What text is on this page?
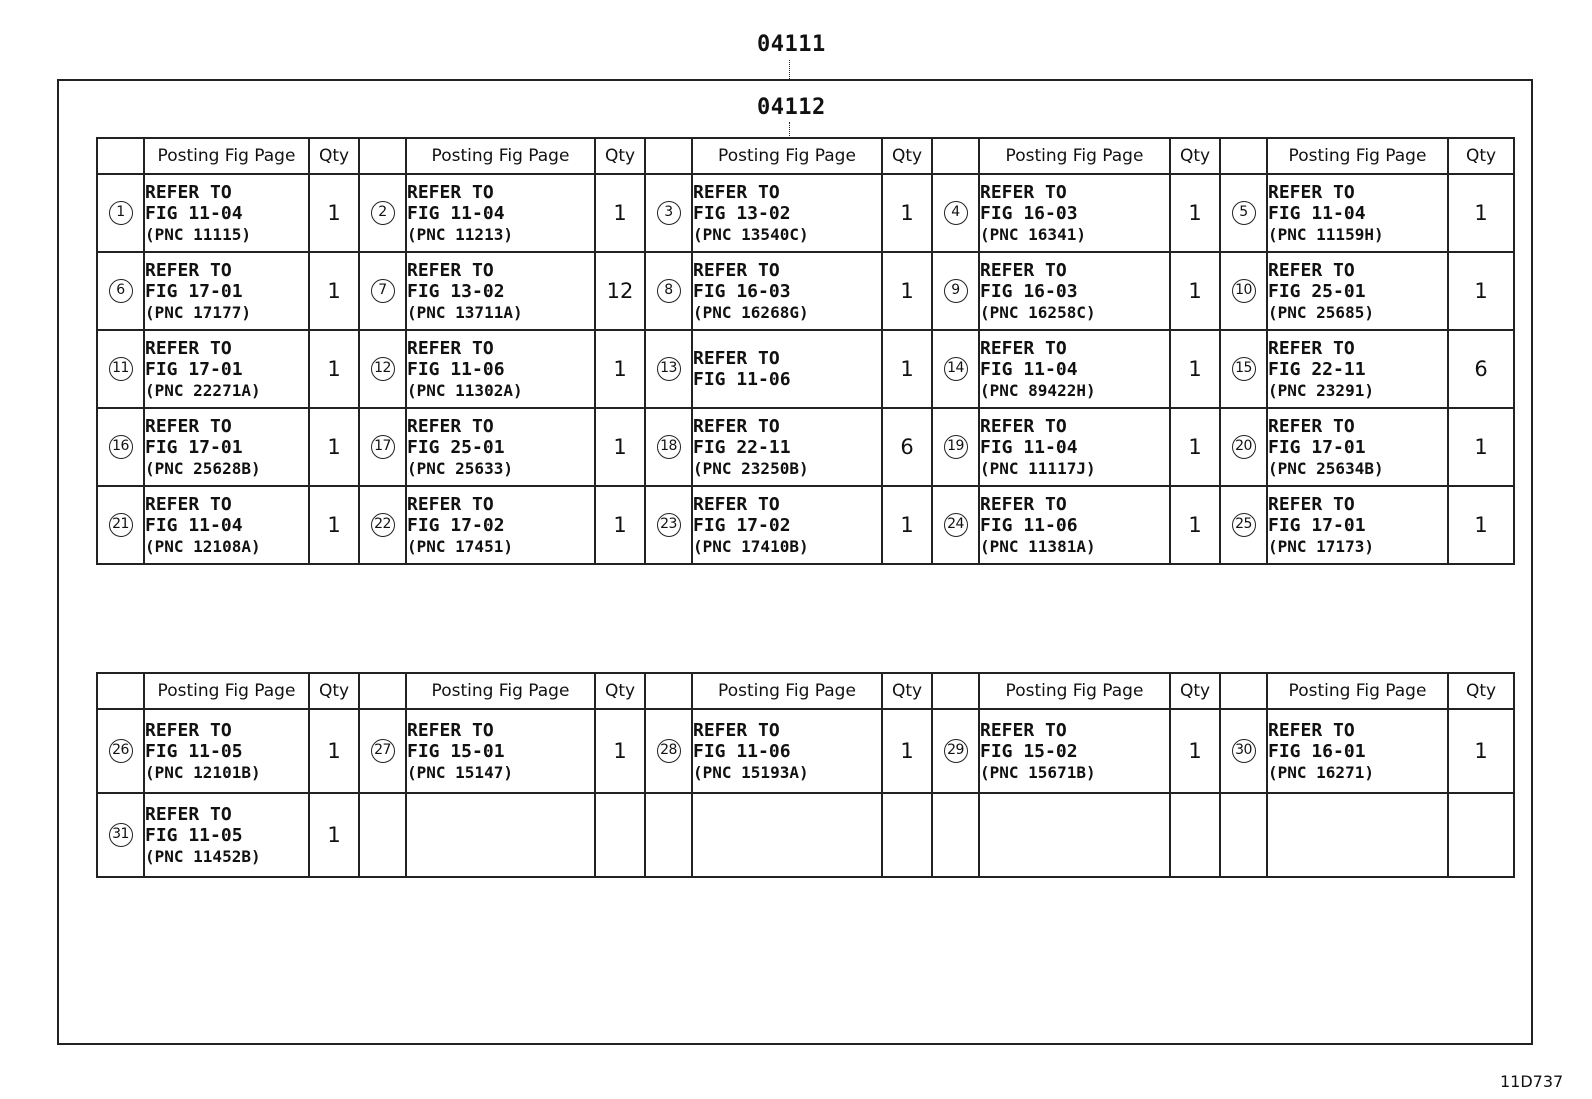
04111
04112
	Posting Fig Page	Qty		Posting Fig Page	Qty		Posting Fig Page	Qty		Posting Fig Page	Qty		Posting Fig Page	Qty
1	REFER TO
FIG 11-04
(PNC 11115)	1	2	REFER TO
FIG 11-04
(PNC 11213)	1	3	REFER TO
FIG 13-02
(PNC 13540C)	1	4	REFER TO
FIG 16-03
(PNC 16341)	1	5	REFER TO
FIG 11-04
(PNC 11159H)	1
6	REFER TO
FIG 17-01
(PNC 17177)	1	7	REFER TO
FIG 13-02
(PNC 13711A)	12	8	REFER TO
FIG 16-03
(PNC 16268G)	1	9	REFER TO
FIG 16-03
(PNC 16258C)	1	10	REFER TO
FIG 25-01
(PNC 25685)	1
11	REFER TO
FIG 17-01
(PNC 22271A)	1	12	REFER TO
FIG 11-06
(PNC 11302A)	1	13	REFER TO
FIG 11-06	1	14	REFER TO
FIG 11-04
(PNC 89422H)	1	15	REFER TO
FIG 22-11
(PNC 23291)	6
16	REFER TO
FIG 17-01
(PNC 25628B)	1	17	REFER TO
FIG 25-01
(PNC 25633)	1	18	REFER TO
FIG 22-11
(PNC 23250B)	6	19	REFER TO
FIG 11-04
(PNC 11117J)	1	20	REFER TO
FIG 17-01
(PNC 25634B)	1
21	REFER TO
FIG 11-04
(PNC 12108A)	1	22	REFER TO
FIG 17-02
(PNC 17451)	1	23	REFER TO
FIG 17-02
(PNC 17410B)	1	24	REFER TO
FIG 11-06
(PNC 11381A)	1	25	REFER TO
FIG 17-01
(PNC 17173)	1
	Posting Fig Page	Qty		Posting Fig Page	Qty		Posting Fig Page	Qty		Posting Fig Page	Qty		Posting Fig Page	Qty
26	REFER TO
FIG 11-05
(PNC 12101B)	1	27	REFER TO
FIG 15-01
(PNC 15147)	1	28	REFER TO
FIG 11-06
(PNC 15193A)	1	29	REFER TO
FIG 15-02
(PNC 15671B)	1	30	REFER TO
FIG 16-01
(PNC 16271)	1
31	REFER TO
FIG 11-05
(PNC 11452B)	1												
11D737
